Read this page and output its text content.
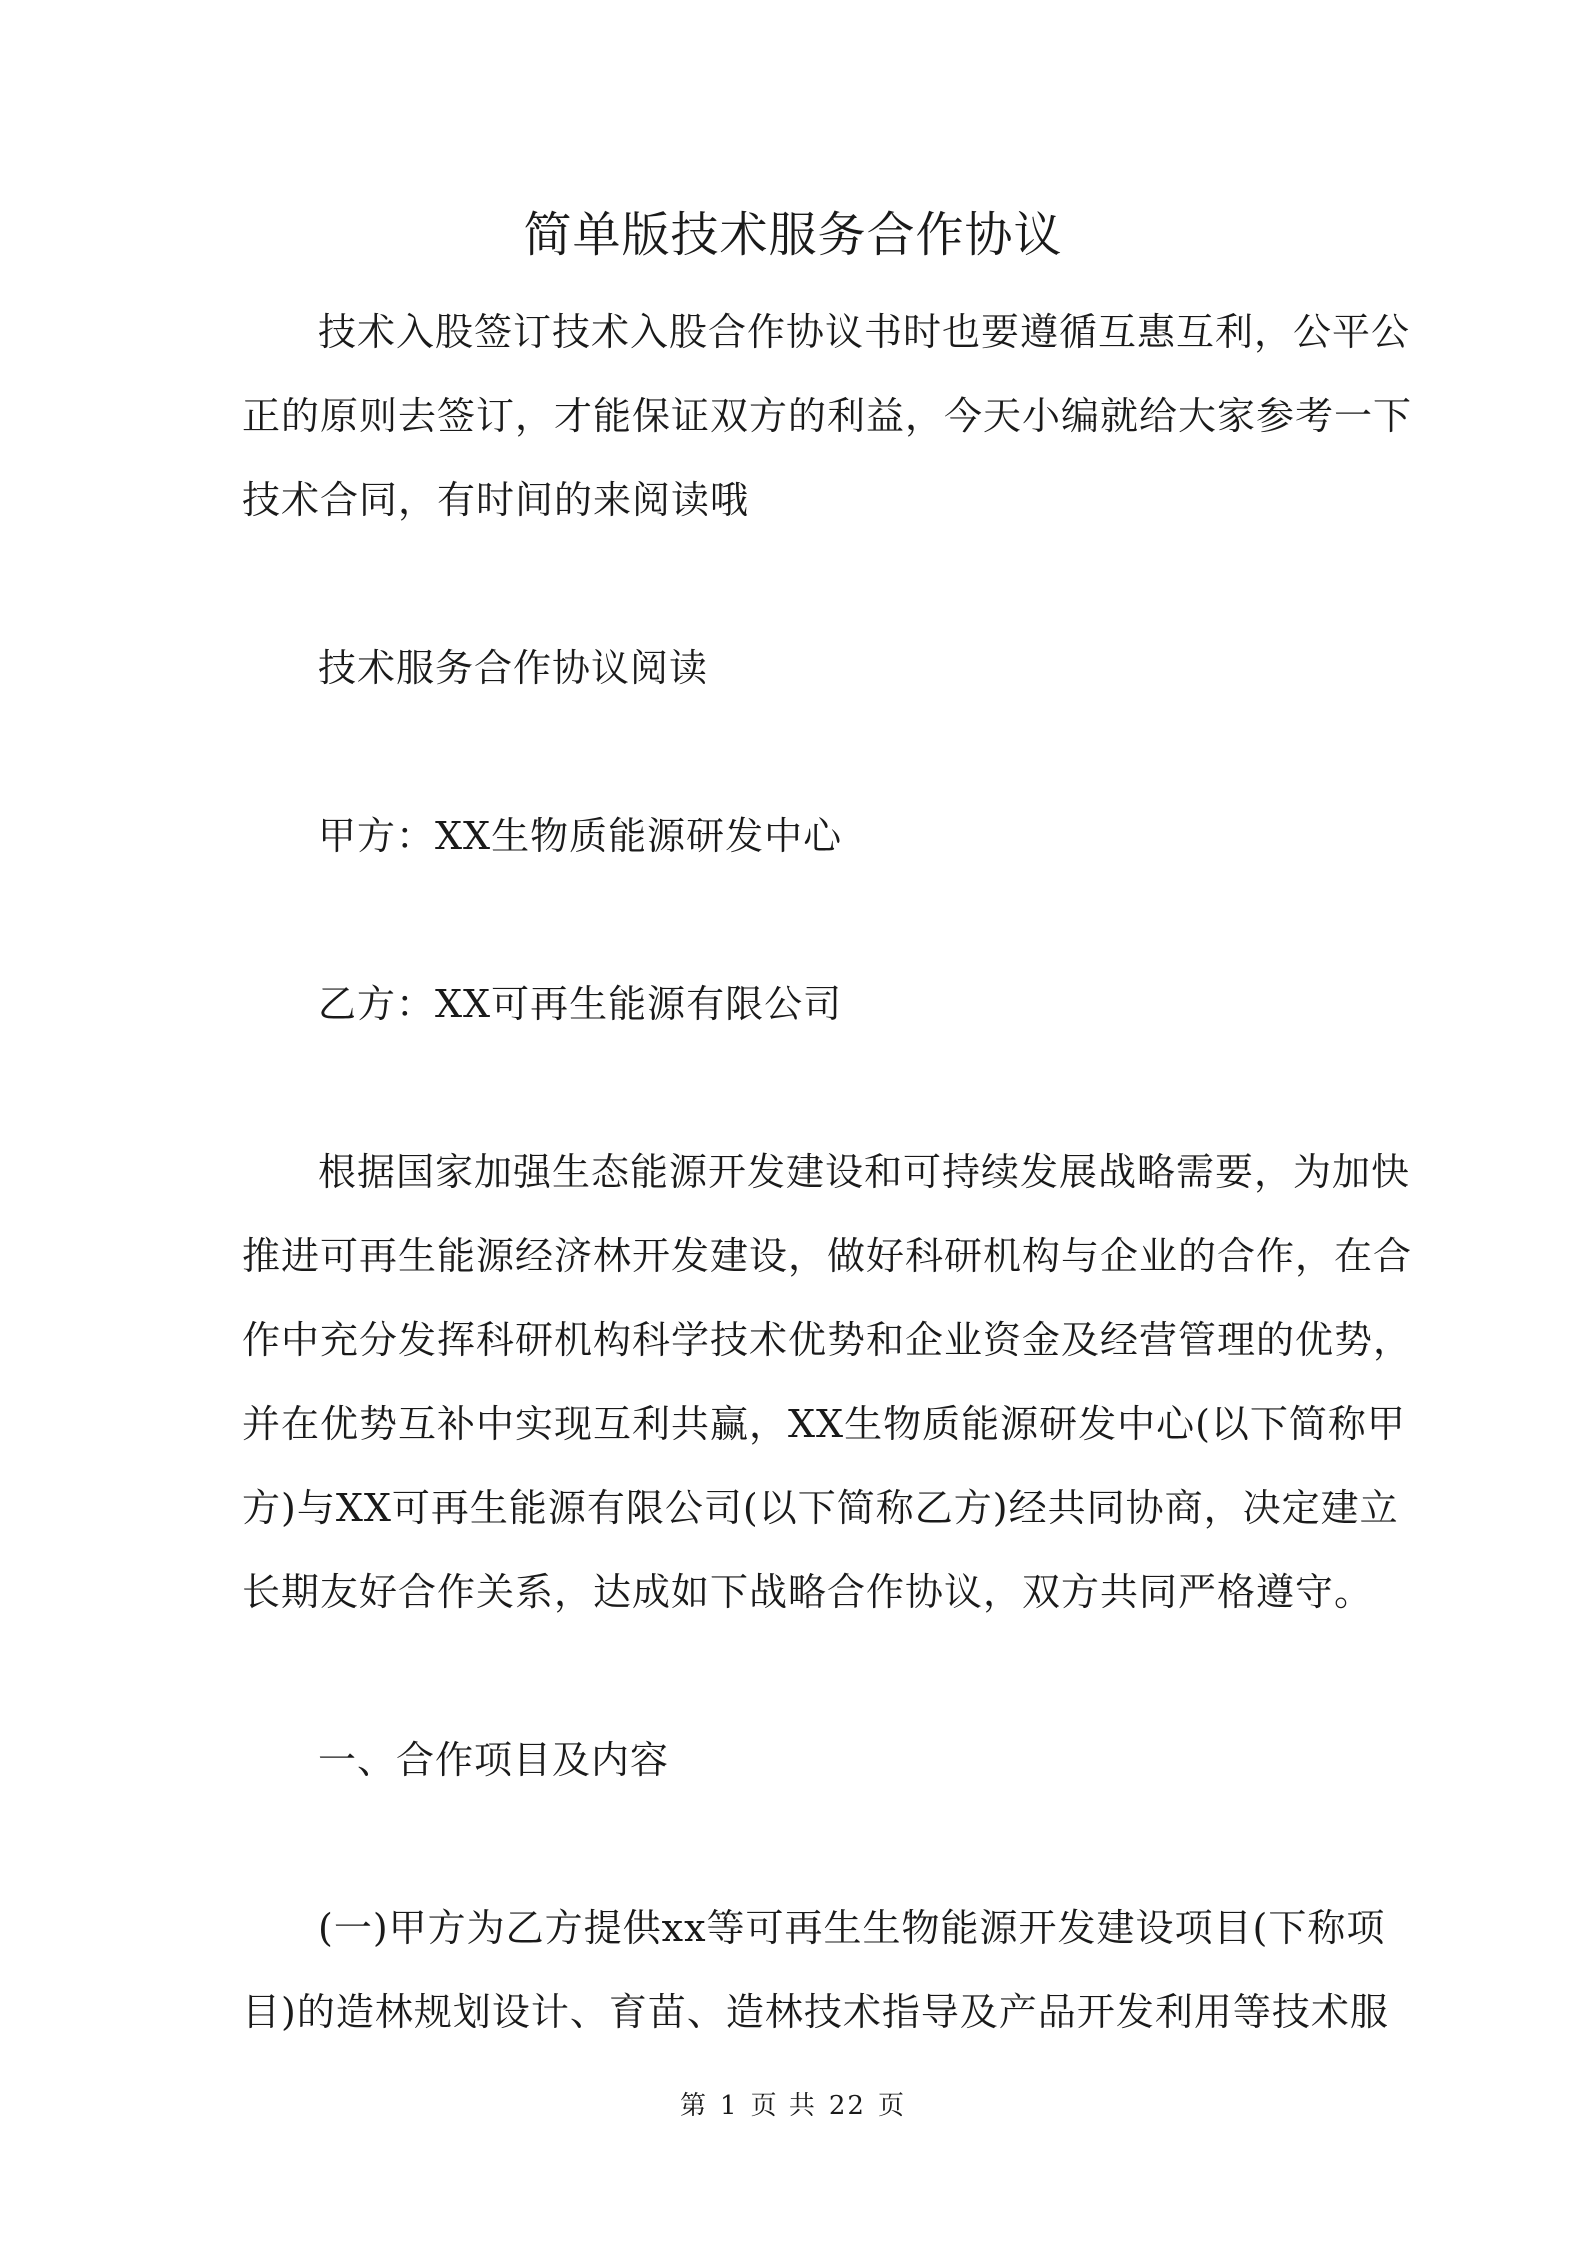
简单版技术服务合作协议

技术入股签订技术入股合作协议书时也要遵循互惠互利，公平公
正的原则去签订，才能保证双方的利益，今天小编就给大家参考一下
技术合同，有时间的来阅读哦

技术服务合作协议阅读

甲方：XX生物质能源研发中心

乙方：XX可再生能源有限公司

根据国家加强生态能源开发建设和可持续发展战略需要，为加快
推进可再生能源经济林开发建设，做好科研机构与企业的合作，在合
作中充分发挥科研机构科学技术优势和企业资金及经营管理的优势，
并在优势互补中实现互利共赢，XX生物质能源研发中心(以下简称甲
方)与XX可再生能源有限公司(以下简称乙方)经共同协商，决定建立
长期友好合作关系，达成如下战略合作协议，双方共同严格遵守。

一、合作项目及内容

(一)甲方为乙方提供xx等可再生生物能源开发建设项目(下称项
目)的造林规划设计、育苗、造林技术指导及产品开发利用等技术服

第 1 页 共 22 页
